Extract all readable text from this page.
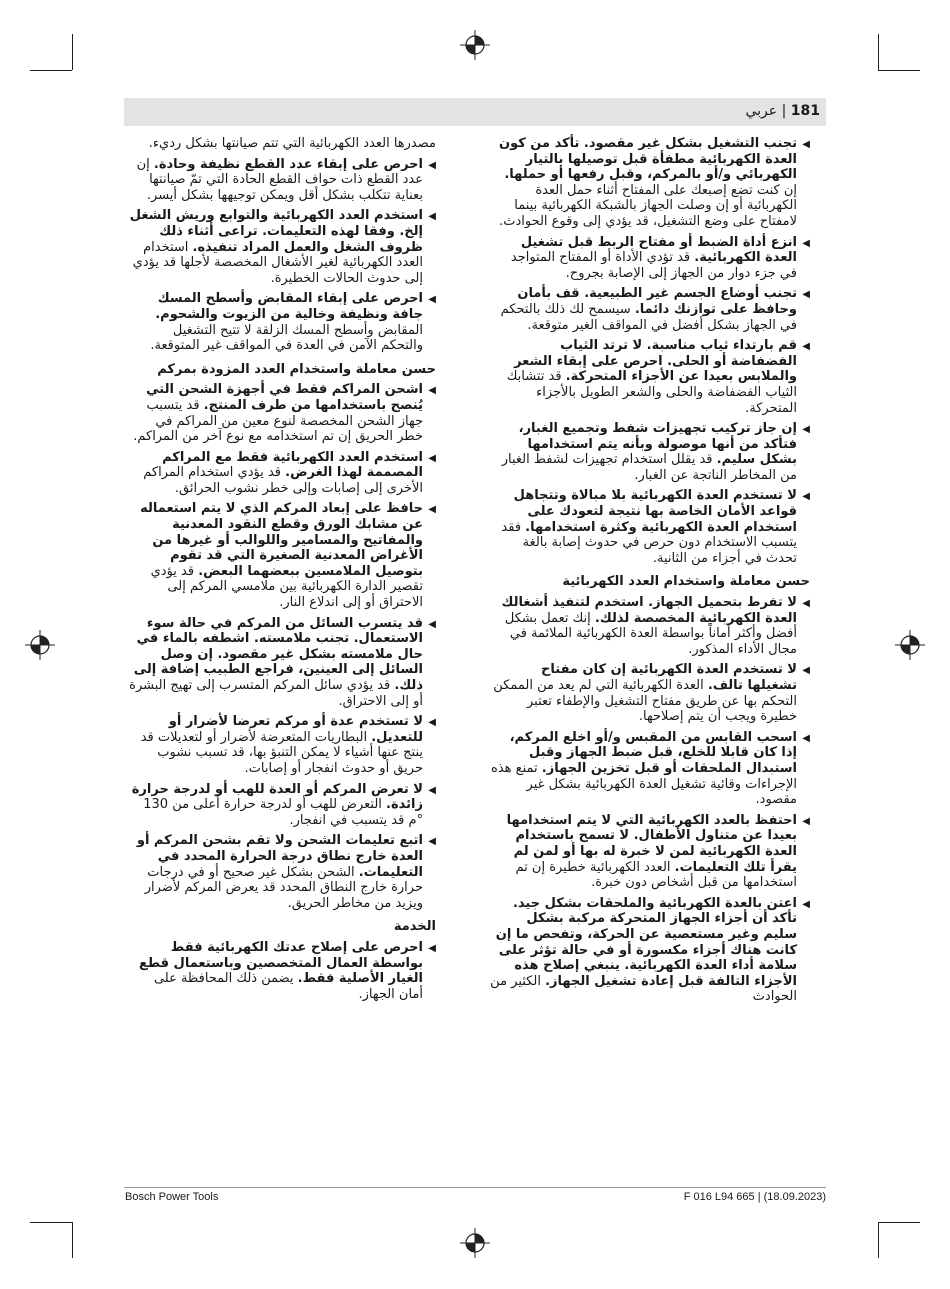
181 | عربي
◀
تجنب التشغيل بشكل غير مقصود. تأكد من كون العدة الكهربائية مطفأة قبل توصيلها بالتيار الكهربائي و/أو بالمركم، وقبل رفعها أو حملها. إن كنت تضع إصبعك على المفتاح أثناء حمل العدة الكهربائية أو إن وصلت الجهاز بالشبكة الكهربائية بينما لامفتاح على وضع التشغيل، قد يؤدي إلى وقوع الحوادث.
◀
انزع أداة الضبط أو مفتاح الربط قبل تشغيل العدة الكهربائية. قد تؤدي الأداة أو المفتاح المتواجد في جزء دوار من الجهاز إلى الإصابة بجروح.
◀
تجنب أوضاع الجسم غير الطبيعية. قف بأمان وحافظ على توازنك دائما. سيسمح لك ذلك بالتحكم في الجهاز بشكل أفضل في المواقف الغير متوقعة.
◀
قم بارتداء ثياب مناسبة. لا ترتد الثياب الفضفاضة أو الحلى. احرص على إبقاء الشعر والملابس بعيدا عن الأجزاء المتحركة. قد تتشابك الثياب الفضفاضة والحلى والشعر الطويل بالأجزاء المتحركة.
◀
إن جاز تركيب تجهيزات شفط وتجميع الغبار، فتأكد من أنها موصولة وبأنه يتم استخدامها بشكل سليم. قد يقلل استخدام تجهيزات لشفط الغبار من المخاطر الناتجة عن الغبار.
◀
لا تستخدم العدة الكهربائية بلا مبالاة وتتجاهل قواعد الأمان الخاصة بها نتيجة لتعودك على استخدام العدة الكهربائية وكثرة استخدامها. فقد يتسبب الاستخدام دون حرص في حدوث إصابة بالغة تحدث في أجزاء من الثانية.
حسن معاملة واستخدام العدد الكهربائية
◀
لا تفرط بتحميل الجهاز. استخدم لتنفيذ أشغالك العدة الكهربائية المخصصة لذلك. إنك تعمل بشكل أفضل وأكثر أماناً بواسطة العدة الكهربائية الملائمة في مجال الأداء المذكور.
◀
لا تستخدم العدة الكهربائية إن كان مفتاح تشغيلها تالف. العدة الكهربائية التي لم يعد من الممكن التحكم بها عن طريق مفتاح التشغيل والإطفاء تعتبر خطيرة ويجب أن يتم إصلاحها.
◀
اسحب القابس من المقبس و/أو اخلع المركم، إذا كان قابلا للخلع، قبل ضبط الجهاز وقبل استبدال الملحقات أو قبل تخزين الجهاز. تمنع هذه الإجراءات وقائية تشغيل العدة الكهربائية بشكل غير مقصود.
◀
احتفظ بالعدد الكهربائية التي لا يتم استخدامها بعيدا عن متناول الأطفال. لا تسمح باستخدام العدة الكهربائية لمن لا خبرة له بها أو لمن لم يقرأ تلك التعليمات. العدد الكهربائية خطيرة إن تم استخدامها من قبل أشخاص دون خبرة.
◀
اعتن بالعدة الكهربائية والملحقات بشكل جيد. تأكد أن أجزاء الجهاز المتحركة مركبة بشكل سليم وغير مستعصية عن الحركة، وتفحص ما إن كانت هناك أجزاء مكسورة أو في حالة تؤثر على سلامة أداء العدة الكهربائية. ينبغي إصلاح هذه الأجزاء التالفة قبل إعادة تشغيل الجهاز. الكثير من الحوادث
مصدرها العدد الكهربائية التي تتم صيانتها بشكل رديء.
◀
احرص على إبقاء عدد القطع نظيفة وحادة. إن عدد القطع ذات حواف القطع الحادة التي تمّ صيانتها بعناية تتكلب بشكل أقل ويمكن توجيهها بشكل أيسر.
◀
استخدم العدد الكهربائية والتوابع وريش الشغل إلخ. وفقا لهذه التعليمات. تراعى أثناء ذلك ظروف الشغل والعمل المراد تنفيذه. استخدام العدد الكهربائية لغير الأشغال المخصصة لأجلها قد يؤدي إلى حدوث الحالات الخطيرة.
◀
احرص على إبقاء المقابض وأسطح المسك جافة ونظيفة وخالية من الزيوت والشحوم. المقابض وأسطح المسك الزلقة لا تتيح التشغيل والتحكم الآمن في العدة في المواقف غير المتوقعة.
حسن معاملة واستخدام العدد المزودة بمركم
◀
اشحن المراكم فقط في أجهزة الشحن التي يُنصح باستخدامها من طرف المنتج. قد يتسبب جهاز الشحن المخصصة لنوع معين من المراكم في خطر الحريق إن تم استخدامه مع نوع آخر من المراكم.
◀
استخدم العدد الكهربائية فقط مع المراكم المصممة لهذا الغرض. قد يؤدي استخدام المراكم الأخرى إلى إصابات وإلى خطر نشوب الحرائق.
◀
حافظ على إبعاد المركم الذي لا يتم استعماله عن مشابك الورق وقطع النقود المعدنية والمفاتيح والمسامير واللوالب أو غيرها من الأغراض المعدنية الصغيرة التي قد تقوم بتوصيل الملامسين ببعضهما البعض. قد يؤدي تقصير الدارة الكهربائية بين ملامسي المركم إلى الاحتراق أو إلى اندلاع النار.
◀
قد يتسرب السائل من المركم في حالة سوء الاستعمال. تجنب ملامسته. اشطفه بالماء في حال ملامسته بشكل غير مقصود. إن وصل السائل إلى العينين، فراجع الطبيب إضافة إلى ذلك. قد يؤدي سائل المركم المتسرب إلى تهيج البشرة أو إلى الاحتراق.
◀
لا تستخدم عدة أو مركم تعرضا لأضرار أو للتعديل. البطاريات المتعرضة لأضرار أو لتعديلات قد ينتج عنها أشياء لا يمكن التنبؤ بها، قد تسبب نشوب حريق أو حدوث انفجار أو إصابات.
◀
لا تعرض المركم أو العدة للهب أو لدرجة حرارة زائدة. التعرض للهب أو لدرجة حرارة أعلى من 130 °م قد يتسبب في انفجار.
◀
اتبع تعليمات الشحن ولا تقم بشحن المركم أو العدة خارج نطاق درجة الحرارة المحدد في التعليمات. الشحن بشكل غير صحيح أو في درجات حرارة خارج النطاق المحدد قد يعرض المركم لأضرار ويزيد من مخاطر الحريق.
الخدمة
◀
احرص على إصلاح عدتك الكهربائية فقط بواسطة العمال المتخصصين وباستعمال قطع الغيار الأصلية فقط. يضمن ذلك المحافظة على أمان الجهاز.
Bosch Power Tools	F 016 L94 665 | (18.09.2023)
